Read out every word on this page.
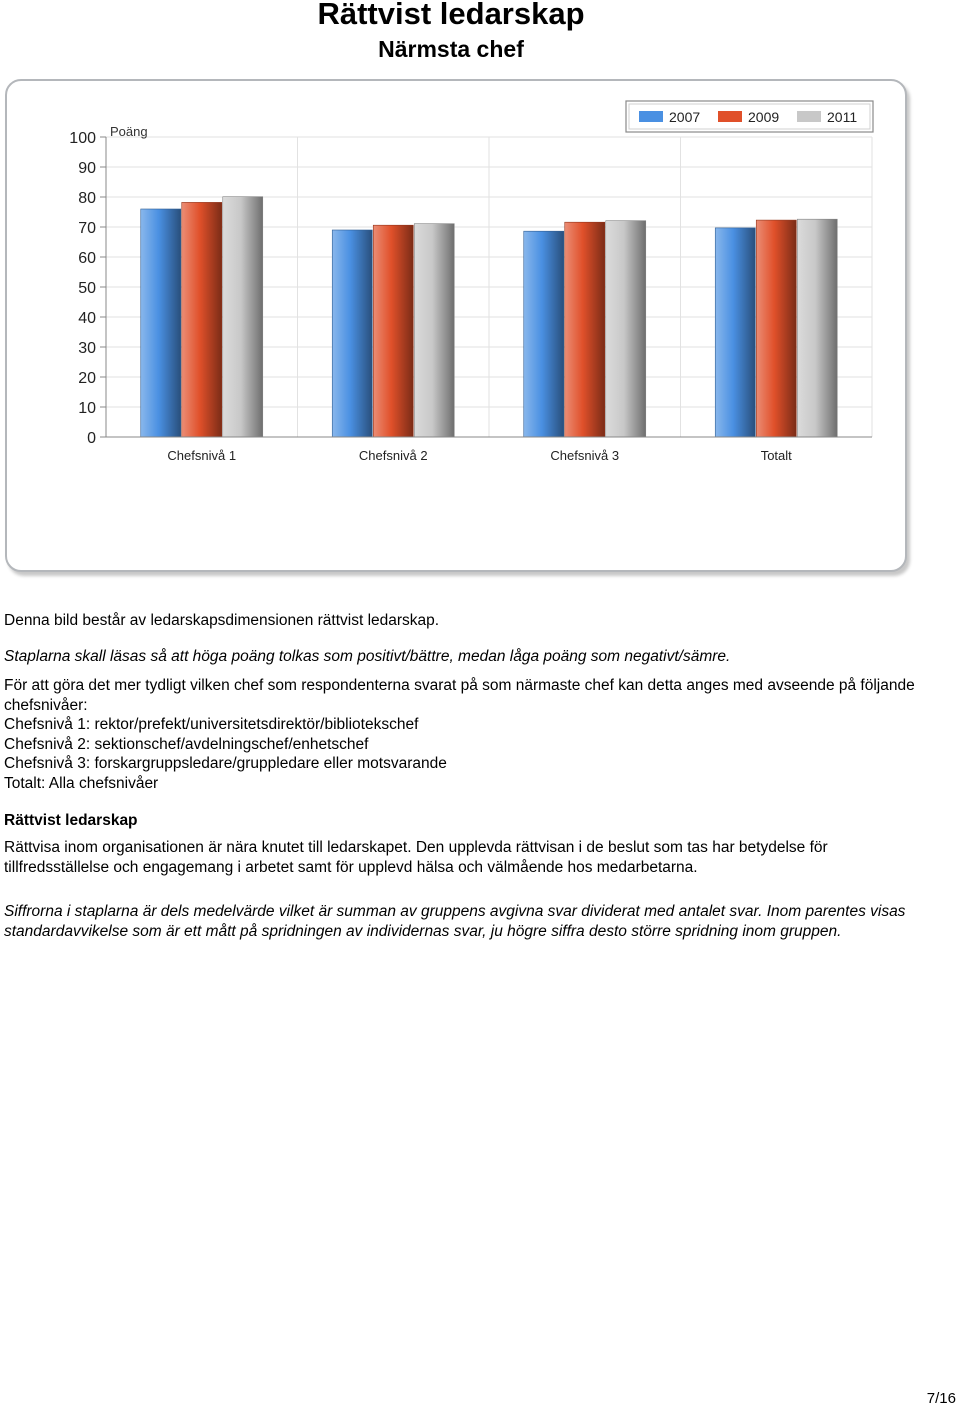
Rättvist ledarskap
Närmsta chef
0
10
20
30
40
50
60
70
80
90
100 Poäng
Chefsnivå 1	Chefsnivå 2	Chefsnivå 3	Totalt
2007	2009	2011
Denna bild består av ledarskapsdimensionen rättvist ledarskap.
Staplarna skall läsas så att höga poäng tolkas som positivt/bättre, medan låga poäng som negativt/sämre.
För att göra det mer tydligt vilken chef som respondenterna svarat på som närmaste chef kan detta anges med avseende på följande chefsnivåer:
Chefsnivå 1: rektor/prefekt/universitetsdirektör/bibliotekschef
Chefsnivå 2: sektionschef/avdelningschef/enhetschef
Chefsnivå 3: forskargruppsledare/gruppledare eller motsvarande
Totalt: Alla chefsnivåer
Rättvist ledarskap
Rättvisa inom organisationen är nära knutet till ledarskapet. Den upplevda rättvisan i de beslut som tas har betydelse för tillfredsställelse och engagemang i arbetet samt för upplevd hälsa och välmående hos medarbetarna.
Siffrorna i staplarna är dels medelvärde vilket är summan av gruppens avgivna svar dividerat med antalet svar. Inom parentes visas standardavvikelse som är ett mått på spridningen av individernas svar, ju högre siffra desto större spridning inom gruppen.
7/16
